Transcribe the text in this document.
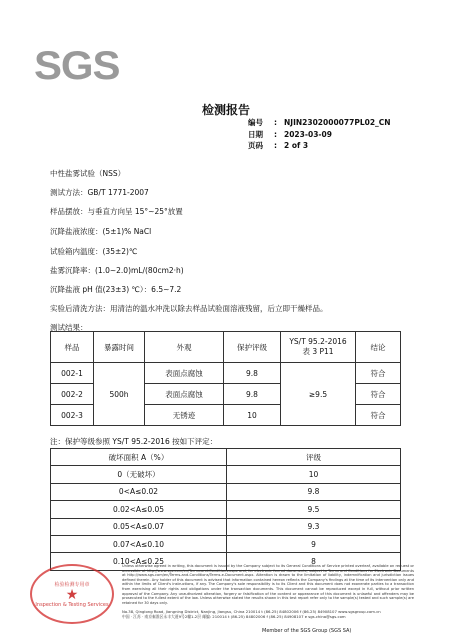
SGS
检测报告
编号	: NJIN2302000077PL02_CN
日期	: 2023-03-09
页码	: 2 of 3
中性盐雾试验（NSS）
测试方法：GB/T 1771-2007
样品摆放：与垂直方向呈 15°~25°放置
沉降盐液浓度：(5±1)% NaCl
试验箱内温度：(35±2)℃
盐雾沉降率：(1.0~2.0)mL/(80cm2·h)
沉降盐液 pH 值(23±3) ℃）：6.5~7.2
实验后清洗方法：用清洁的温水冲洗以除去样品试验面溶液残留，后立即干燥样品。
测试结果：
样品	暴露时间	外观	保护评级	YS/T 95.2-2016
表 3 P11	结论
002-1	500h	表面点腐蚀	9.8	≥9.5	符合
002-2		表面点腐蚀	9.8		符合
002-3		无锈迹	10		符合
注：保护等级参照 YS/T 95.2-2016 按如下评定：
破坏面积 A（%）	评级
0（无破坏）	10
0<A≤0.02	9.8
0.02<A≤0.05	9.5
0.05<A≤0.07	9.3
0.07<A≤0.10	9
0.10<A≤0.25	8
检验检测专用章
★
Inspection & Testing Services
Unless otherwise agreed in writing, this document is issued by the Company subject to its General Conditions of Service printed overleaf, available on request or accessible at http://www.sgs.com/en/Terms-and-Conditions.aspx and, for electronic format documents, subject to Terms and Conditions for Electronic Documents at http://www.sgs.com/en/Terms-and-Conditions/Terms-e-Document.aspx. Attention is drawn to the limitation of liability, indemnification and jurisdiction issues defined therein. Any holder of this document is advised that information contained hereon reflects the Company's findings at the time of its intervention only and within the limits of Client's instructions, if any. The Company's sole responsibility is to its Client and this document does not exonerate parties to a transaction from exercising all their rights and obligations under the transaction documents. This document cannot be reproduced except in full, without prior written approval of the Company. Any unauthorized alteration, forgery or falsification of the content or appearance of this document is unlawful and offenders may be prosecuted to the fullest extent of the law. Unless otherwise stated the results shown in this test report refer only to the sample(s) tested and such sample(s) are retained for 30 days only.
No.38, Qinglong Road, Jiangning District, Nanjing, Jiangsu, China 210014 t (86-25) 84802006 f (86-25) 84908107 www.sgsgroup.com.cn
中国 · 江苏 · 南京秦淮区永丰大道9号2幢1-2层 邮编: 210014 t (86-25) 84802006 f (86-25) 84908107 e sgs.china@sgs.com
Member of the SGS Group (SGS SA)
